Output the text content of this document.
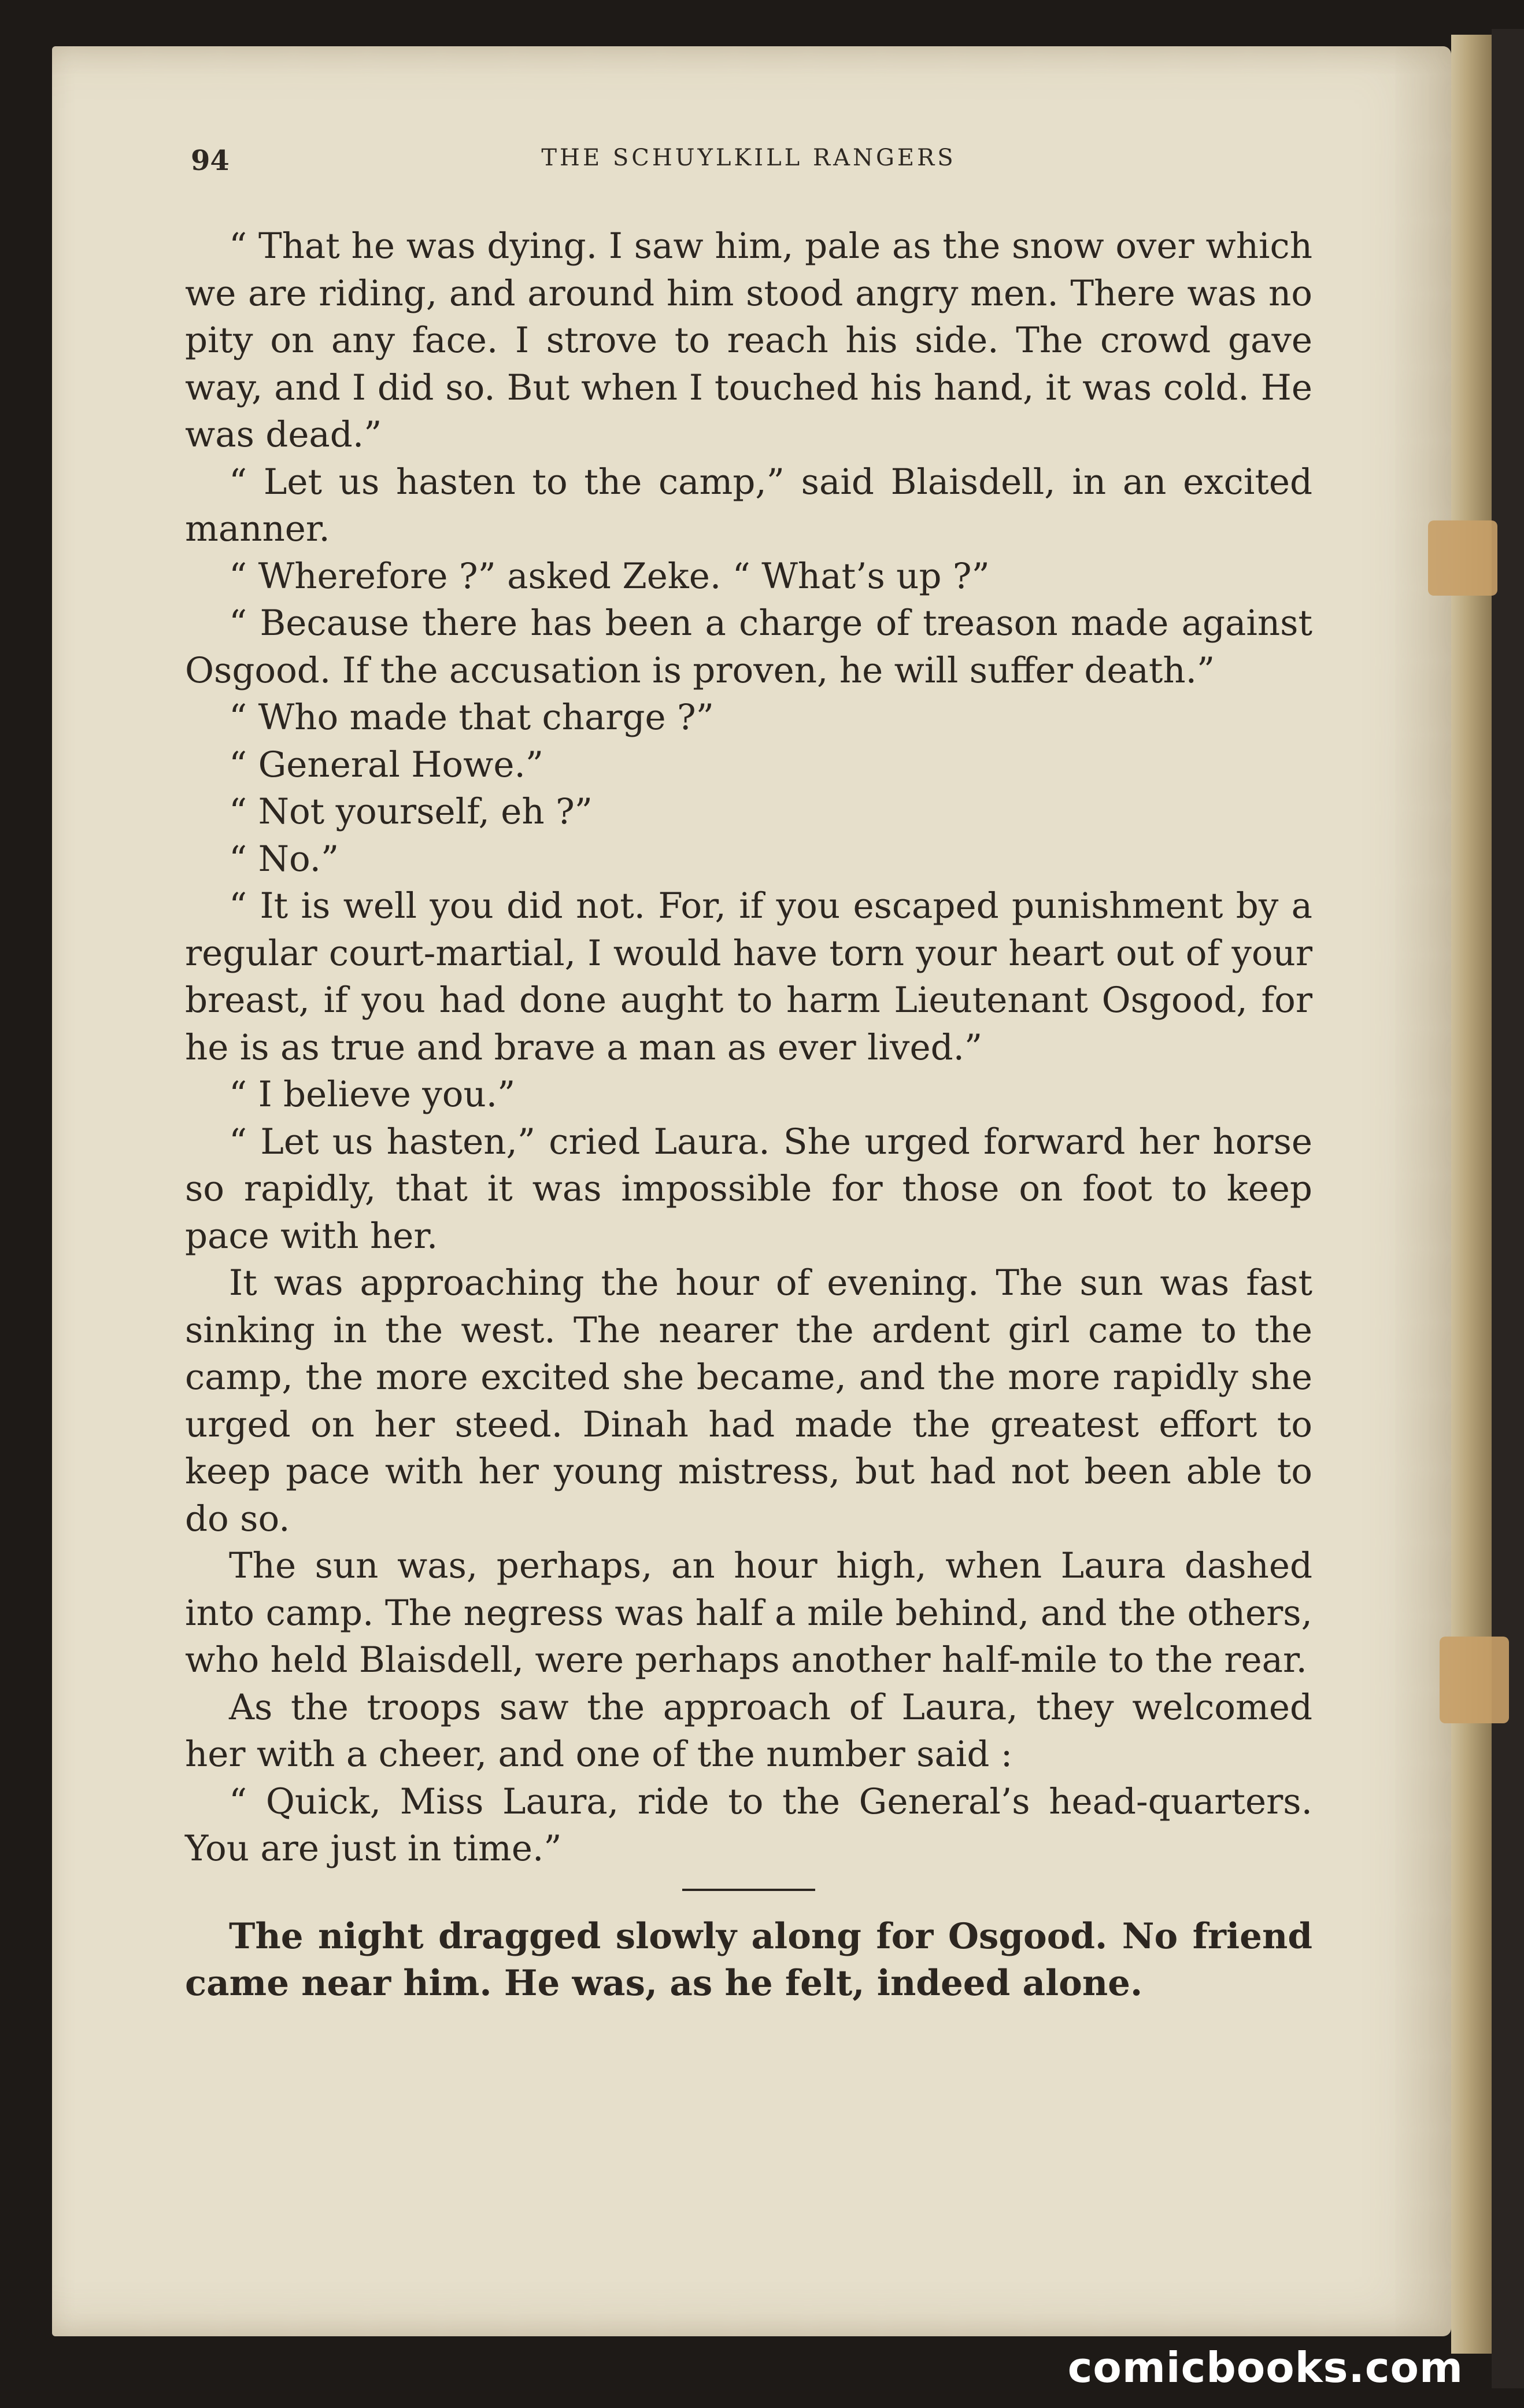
94	THE SCHUYLKILL RANGERS

“ That he was dying. I saw him, pale as the snow over which we are riding, and around him stood angry men. There was no pity on any face. I strove to reach his side. The crowd gave way, and I did so. But when I touched his hand, it was cold. He was dead.”

“ Let us hasten to the camp,” said Blaisdell, in an excited manner.

“ Wherefore ?” asked Zeke. “ What’s up ?”

“ Because there has been a charge of treason made against Osgood. If the accusation is proven, he will suffer death.”

“ Who made that charge ?”

“ General Howe.”

“ Not yourself, eh ?”

“ No.”

“ It is well you did not. For, if you escaped punishment by a regular court-martial, I would have torn your heart out of your breast, if you had done aught to harm Lieutenant Osgood, for he is as true and brave a man as ever lived.”

“ I believe you.”

“ Let us hasten,” cried Laura. She urged forward her horse so rapidly, that it was impossible for those on foot to keep pace with her.

It was approaching the hour of evening. The sun was fast sinking in the west. The nearer the ardent girl came to the camp, the more excited she became, and the more rapidly she urged on her steed. Dinah had made the greatest effort to keep pace with her young mistress, but had not been able to do so.

The sun was, perhaps, an hour high, when Laura dashed into camp. The negress was half a mile behind, and the others, who held Blaisdell, were perhaps another half-mile to the rear.

As the troops saw the approach of Laura, they welcomed her with a cheer, and one of the number said :

“ Quick, Miss Laura, ride to the General’s head-quarters. You are just in time.”

The night dragged slowly along for Osgood. No friend came near him. He was, as he felt, indeed alone.

comicbooks.com
